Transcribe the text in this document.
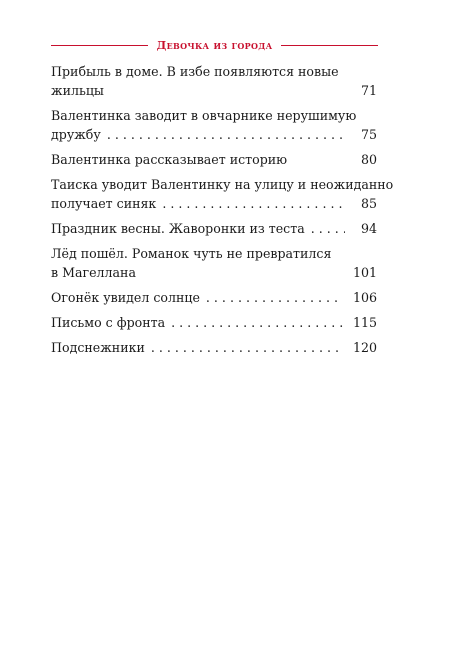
Девочка из города
Прибыль в доме. В избе появляются новые
жильцы	71
Валентинка заводит в овчарнике нерушимую
дружбу . . .	75
Валентинка рассказывает историю	80
Таиска уводит Валентинку на улицу и неожиданно
получает синяк . . .	85
Праздник весны. Жаворонки из теста . . .	94
Лёд пошёл. Романок чуть не превратился
в Магеллана	101
Огонёк увидел солнце . . .	106
Письмо с фронта . . .	115
Подснежники . . .	120
